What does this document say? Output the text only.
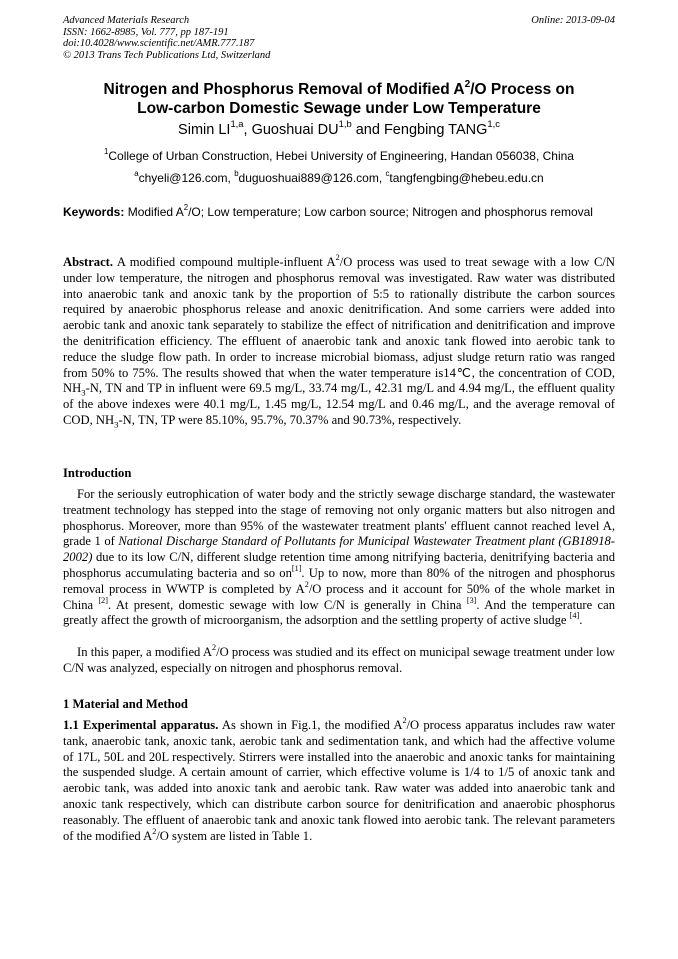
Advanced Materials Research
ISSN: 1662-8985, Vol. 777, pp 187-191
doi:10.4028/www.scientific.net/AMR.777.187
© 2013 Trans Tech Publications Ltd, Switzerland
Online: 2013-09-04
Nitrogen and Phosphorus Removal of Modified $A^2/O$ Process on
Low-carbon Domestic Sewage under Low Temperature
Simin LI$^{1,a}$, Guoshuai DU$^{1,b}$ and Fengbing TANG$^{1,c}$
$^1$College of Urban Construction, Hebei University of Engineering, Handan 056038, China
$^a$chyeli@126.com, $^b$duguoshuai889@126.com, $^c$tangfengbing@hebeu.edu.cn
Keywords: Modified $A^2/O$; Low temperature; Low carbon source; Nitrogen and phosphorus removal
Abstract. A modified compound multiple-influent $A^2/O$ process was used to treat sewage with a low C/N under low temperature, the nitrogen and phosphorus removal was investigated. Raw water was distributed into anaerobic tank and anoxic tank by the proportion of 5:5 to rationally distribute the carbon sources required by anaerobic phosphorus release and anoxic denitrification. And some carriers were added into aerobic tank and anoxic tank separately to stabilize the effect of nitrification and denitrification and improve the denitrification efficiency. The effluent of anaerobic tank and anoxic tank flowed into aerobic tank to reduce the sludge flow path. In order to increase microbial biomass, adjust sludge return ratio was ranged from 50% to 75%. The results showed that when the water temperature is14℃, the concentration of COD, $NH_3-N$, TN and TP in influent were 69.5 mg/L, 33.74 mg/L, 42.31 mg/L and 4.94 mg/L, the effluent quality of the above indexes were 40.1 mg/L, 1.45 mg/L, 12.54 mg/L and 0.46 mg/L, and the average removal of COD, $NH_3-N$, TN, TP were 85.10%, 95.7%, 70.37% and 90.73%, respectively.
Introduction
For the seriously eutrophication of water body and the strictly sewage discharge standard, the wastewater treatment technology has stepped into the stage of removing not only organic matters but also nitrogen and phosphorus. Moreover, more than 95% of the wastewater treatment plants' effluent cannot reached level A, grade 1 of National Discharge Standard of Pollutants for Municipal Wastewater Treatment plant (GB18918-2002) due to its low C/N, different sludge retention time among nitrifying bacteria, denitrifying bacteria and phosphorus accumulating bacteria and so on[1]. Up to now, more than 80% of the nitrogen and phosphorus removal process in WWTP is completed by $A^2/O$ process and it account for 50% of the whole market in China [2]. At present, domestic sewage with low C/N is generally in China [3]. And the temperature can greatly affect the growth of microorganism, the adsorption and the settling property of active sludge [4].
In this paper, a modified $A^2/O$ process was studied and its effect on municipal sewage treatment under low C/N was analyzed, especially on nitrogen and phosphorus removal.
1 Material and Method
1.1 Experimental apparatus. As shown in Fig.1, the modified $A^2/O$ process apparatus includes raw water tank, anaerobic tank, anoxic tank, aerobic tank and sedimentation tank, and which had the affective volume of 17L, 50L and 20L respectively. Stirrers were installed into the anaerobic and anoxic tanks for maintaining the suspended sludge. A certain amount of carrier, which effective volume is 1/4 to 1/5 of anoxic tank and aerobic tank, was added into anoxic tank and aerobic tank. Raw water was added into anaerobic tank and anoxic tank respectively, which can distribute carbon source for denitrification and anaerobic phosphorus reasonably. The effluent of anaerobic tank and anoxic tank flowed into aerobic tank. The relevant parameters of the modified $A^2/O$ system are listed in Table 1.
